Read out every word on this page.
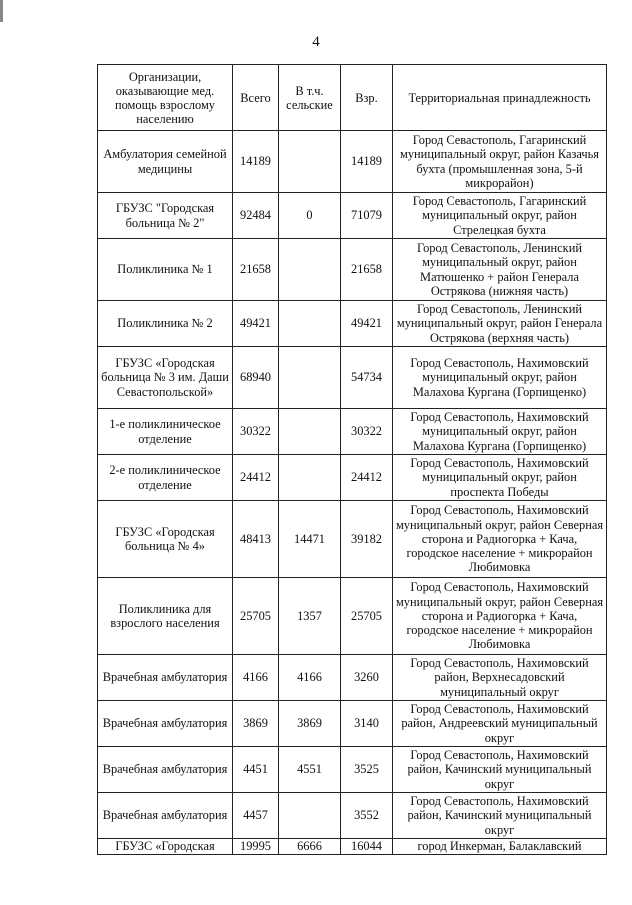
4
Организации, оказывающие мед. помощь взрослому населению	Всего	В т.ч. сельские	Взр.	Территориальная принадлежность
Амбулатория семейной медицины	14189		14189	Город Севастополь, Гагаринский муниципальный округ, район Казачья бухта (промышленная зона, 5-й микрорайон)
ГБУЗС "Городская больница № 2"	92484	0	71079	Город Севастополь, Гагаринский муниципальный округ, район Стрелецкая бухта
Поликлиника № 1	21658		21658	Город Севастополь, Ленинский муниципальный округ, район Матюшенко + район Генерала Острякова (нижняя часть)
Поликлиника № 2	49421		49421	Город Севастополь, Ленинский муниципальный округ, район Генерала Острякова (верхняя часть)
ГБУЗС «Городская больница № 3 им. Даши Севастопольской»	68940		54734	Город Севастополь, Нахимовский муниципальный округ, район Малахова Кургана (Горпищенко)
1-е поликлиническое отделение	30322		30322	Город Севастополь, Нахимовский муниципальный округ, район Малахова Кургана (Горпищенко)
2-е поликлиническое отделение	24412		24412	Город Севастополь, Нахимовский муниципальный округ, район проспекта Победы
ГБУЗС «Городская больница № 4»	48413	14471	39182	Город Севастополь, Нахимовский муниципальный округ, район Северная сторона и Радиогорка + Кача, городское население + микрорайон Любимовка
Поликлиника для взрослого населения	25705	1357	25705	Город Севастополь, Нахимовский муниципальный округ, район Северная сторона и Радиогорка + Кача, городское население + микрорайон Любимовка
Врачебная амбулатория	4166	4166	3260	Город Севастополь, Нахимовский район, Верхнесадовский муниципальный округ
Врачебная амбулатория	3869	3869	3140	Город Севастополь, Нахимовский район, Андреевский муниципальный округ
Врачебная амбулатория	4451	4551	3525	Город Севастополь, Нахимовский район, Качинский муниципальный округ
Врачебная амбулатория	4457		3552	Город Севастополь, Нахимовский район, Качинский муниципальный округ
ГБУЗС «Городская	19995	6666	16044	город Инкерман, Балаклавский
